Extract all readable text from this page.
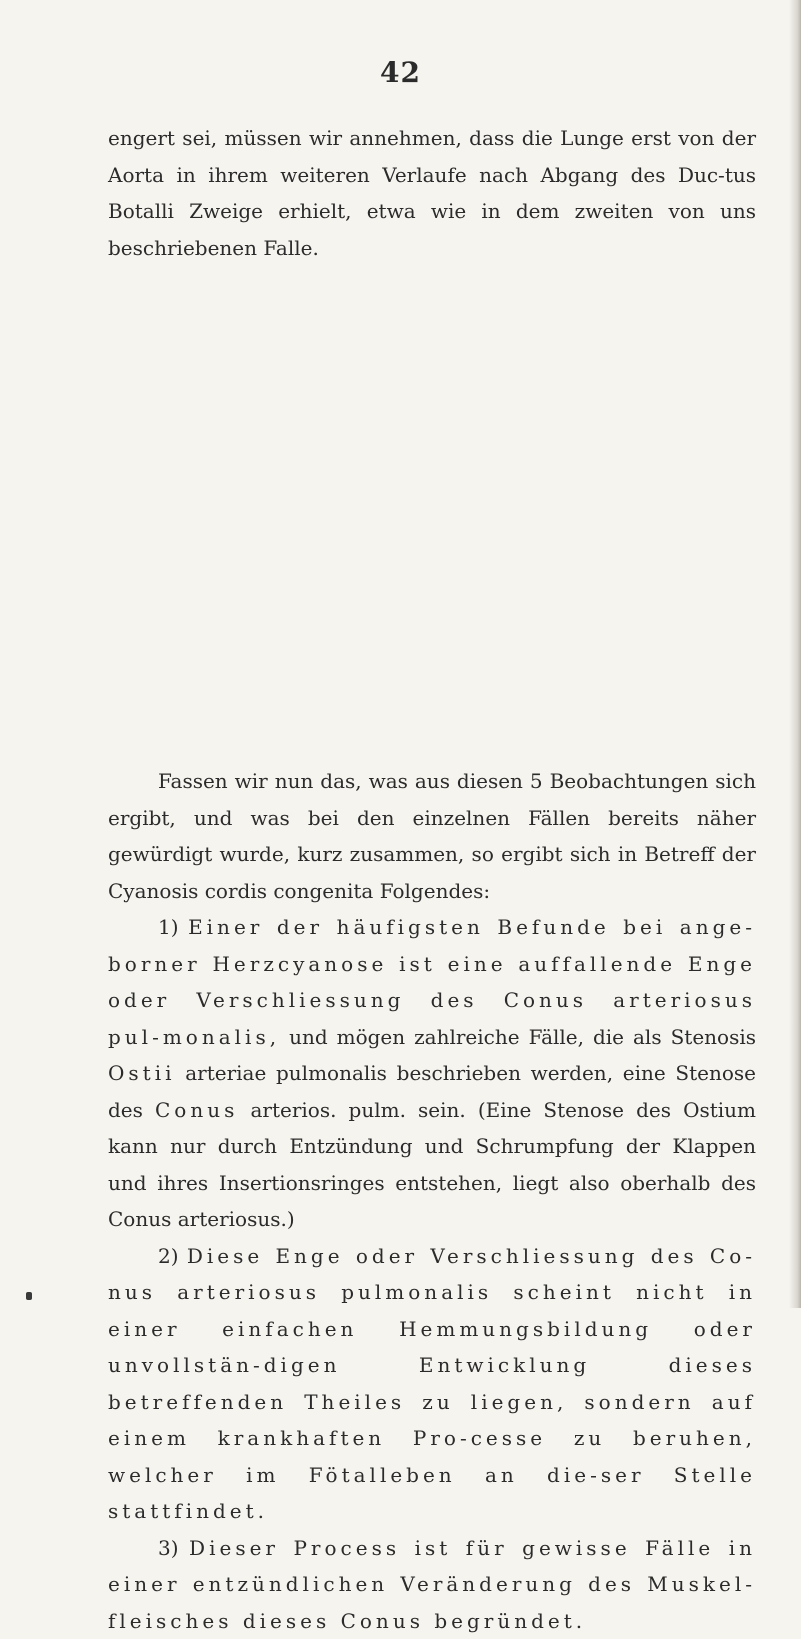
42

engert sei, müssen wir annehmen, dass die Lunge erst von der Aorta in ihrem weiteren Verlaufe nach Abgang des Duc-tus Botalli Zweige erhielt, etwa wie in dem zweiten von uns beschriebenen Falle.

Fassen wir nun das, was aus diesen 5 Beobachtungen sich ergibt, und was bei den einzelnen Fällen bereits näher gewürdigt wurde, kurz zusammen, so ergibt sich in Betreff der Cyanosis cordis congenita Folgendes:

1) Einer der häufigsten Befunde bei ange-borner Herzcyanose ist eine auffallende Enge oder Verschliessung des Conus arteriosus pul-monalis, und mögen zahlreiche Fälle, die als Stenosis Ostii arteriae pulmonalis beschrieben werden, eine Stenose des Conus arterios. pulm. sein. (Eine Stenose des Ostium kann nur durch Entzündung und Schrumpfung der Klappen und ihres Insertionsringes entstehen, liegt also oberhalb des Conus arteriosus.)

2) Diese Enge oder Verschliessung des Co-nus arteriosus pulmonalis scheint nicht in einer einfachen Hemmungsbildung oder unvollstän-digen Entwicklung dieses betreffenden Theiles zu liegen, sondern auf einem krankhaften Pro-cesse zu beruhen, welcher im Fötalleben an die-ser Stelle stattfindet.

3) Dieser Process ist für gewisse Fälle in einer entzündlichen Veränderung des Muskel-fleisches dieses Conus begründet.
